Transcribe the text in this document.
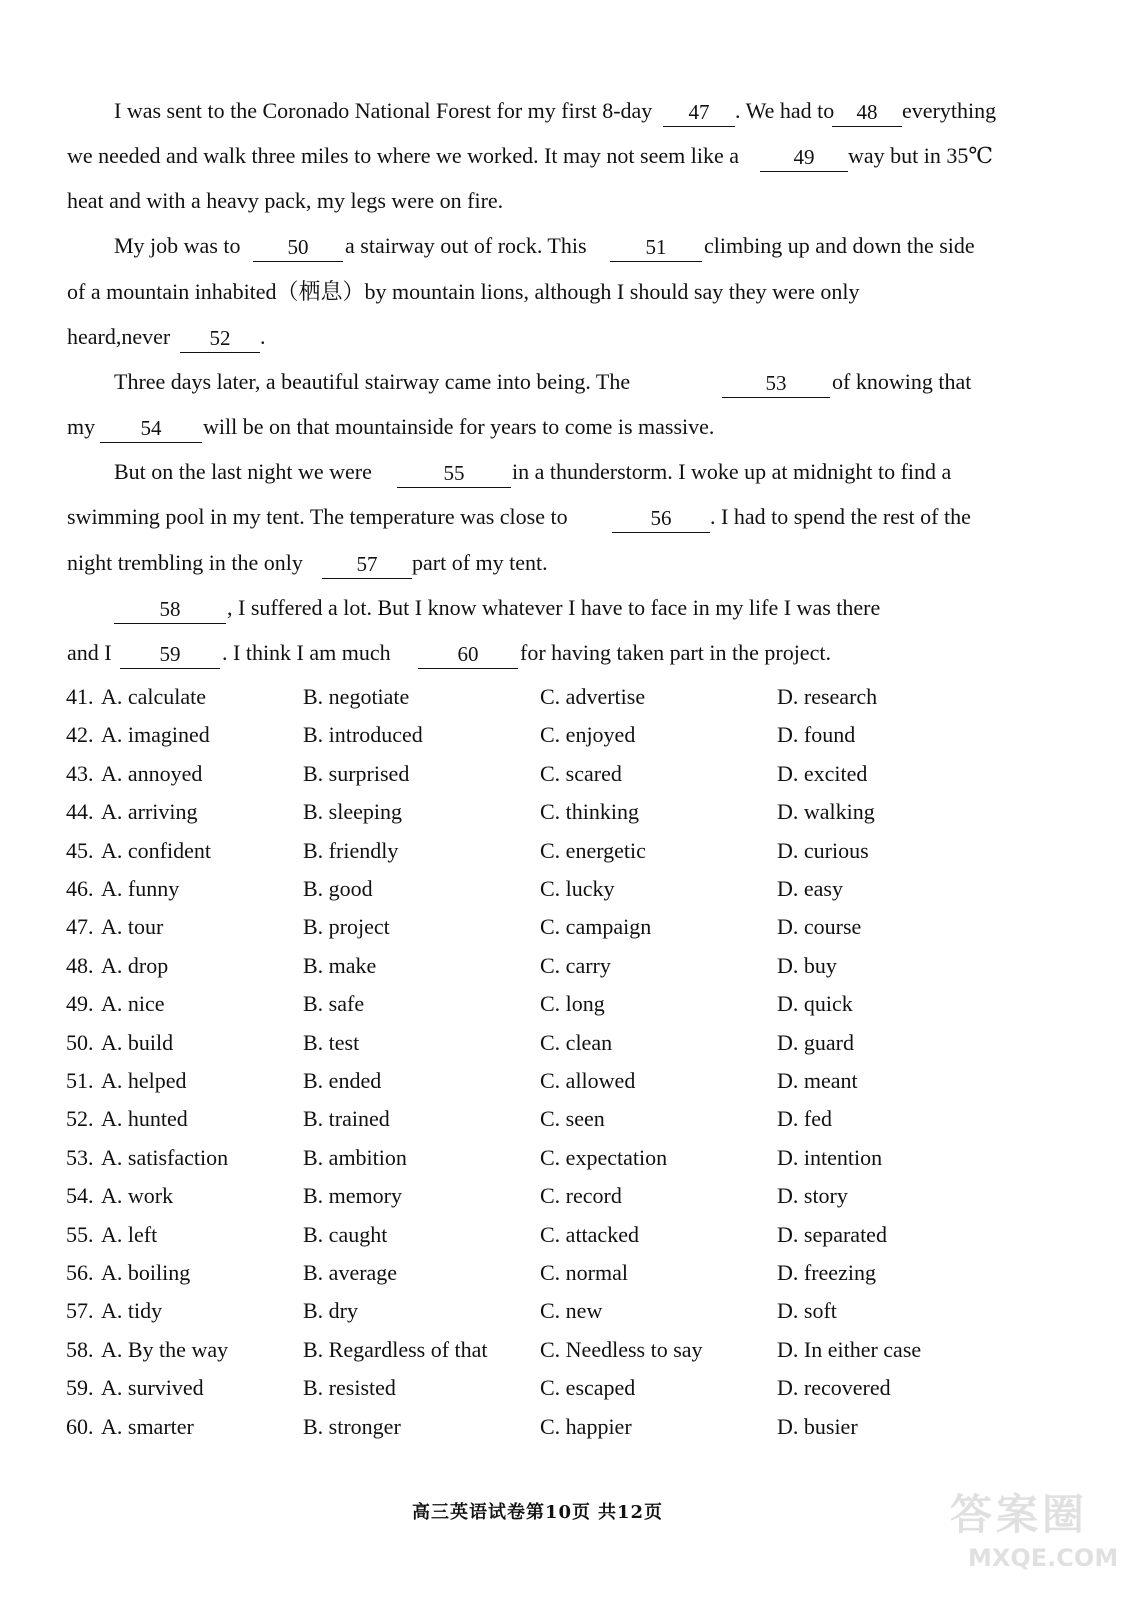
I was sent to the Coronado National Forest for my first 8-day	47	. We had to	48	everything
we needed and walk three miles to where we worked. It may not seem like a	49	way but in 35℃
heat and with a heavy pack, my legs were on fire.
My job was to	50	a stairway out of rock. This	51	climbing up and down the side
of a mountain inhabited（栖息）by mountain lions, although I should say they were only
heard,never	52	.
Three days later, a beautiful stairway came into being. The	53	of knowing that
my	54	will be on that mountainside for years to come is massive.
But on the last night we were	55	in a thunderstorm. I woke up at midnight to find a
swimming pool in my tent. The temperature was close to	56	. I had to spend the rest of the
night trembling in the only	57	part of my tent.
58	, I suffered a lot. But I know whatever I have to face in my life I was there
and I	59	. I think I am much	60	for having taken part in the project.
41. A. calculate	B. negotiate	C. advertise	D. research
42. A. imagined	B. introduced	C. enjoyed	D. found
43. A. annoyed	B. surprised	C. scared	D. excited
44. A. arriving	B. sleeping	C. thinking	D. walking
45. A. confident	B. friendly	C. energetic	D. curious
46. A. funny	B. good	C. lucky	D. easy
47. A. tour	B. project	C. campaign	D. course
48. A. drop	B. make	C. carry	D. buy
49. A. nice	B. safe	C. long	D. quick
50. A. build	B. test	C. clean	D. guard
51. A. helped	B. ended	C. allowed	D. meant
52. A. hunted	B. trained	C. seen	D. fed
53. A. satisfaction	B. ambition	C. expectation	D. intention
54. A. work	B. memory	C. record	D. story
55. A. left	B. caught	C. attacked	D. separated
56. A. boiling	B. average	C. normal	D. freezing
57. A. tidy	B. dry	C. new	D. soft
58. A. By the way	B. Regardless of that C. Needless to say	D. In either case
59. A. survived	B. resisted	C. escaped	D. recovered
60. A. smarter	B. stronger	C. happier	D. busier
高三英语试卷第10页 共12页	答案圈
MXQE.COM
